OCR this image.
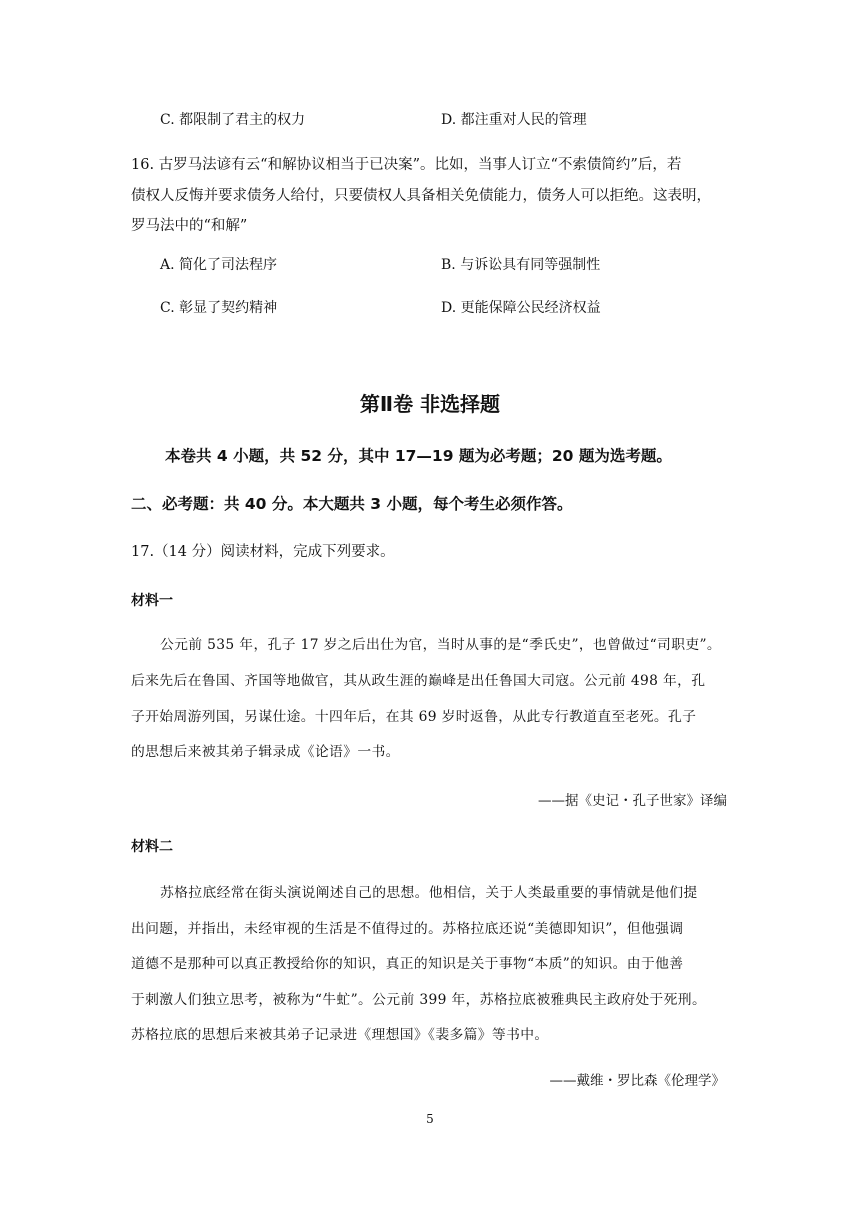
C. 都限制了君主的权力	D. 都注重对人民的管理
16. 古罗马法谚有云“和解协议相当于已决案”。比如，当事人订立“不索债简约”后，若
债权人反悔并要求债务人给付，只要债权人具备相关免债能力，债务人可以拒绝。这表明，
罗马法中的“和解”
A. 简化了司法程序	B. 与诉讼具有同等强制性
C. 彰显了契约精神	D. 更能保障公民经济权益
第Ⅱ卷 非选择题
本卷共 4 小题，共 52 分，其中 17—19 题为必考题；20 题为选考题。
二、必考题：共 40 分。本大题共 3 小题，每个考生必须作答。
17.（14 分）阅读材料，完成下列要求。
材料一
公元前 535 年，孔子 17 岁之后出仕为官，当时从事的是“季氏史”，也曾做过“司职吏”。
后来先后在鲁国、齐国等地做官，其从政生涯的巅峰是出任鲁国大司寇。公元前 498 年，孔
子开始周游列国，另谋仕途。十四年后，在其 69 岁时返鲁，从此专行教道直至老死。孔子
的思想后来被其弟子辑录成《论语》一书。
——据《史记・孔子世家》译编
材料二
苏格拉底经常在街头演说阐述自己的思想。他相信，关于人类最重要的事情就是他们提
出问题，并指出，未经审视的生活是不值得过的。苏格拉底还说“美德即知识”，但他强调
道德不是那种可以真正教授给你的知识，真正的知识是关于事物“本质”的知识。由于他善
于刺激人们独立思考，被称为“牛虻”。公元前 399 年，苏格拉底被雅典民主政府处于死刑。
苏格拉底的思想后来被其弟子记录进《理想国》《裴多篇》等书中。
——戴维・罗比森《伦理学》
5
